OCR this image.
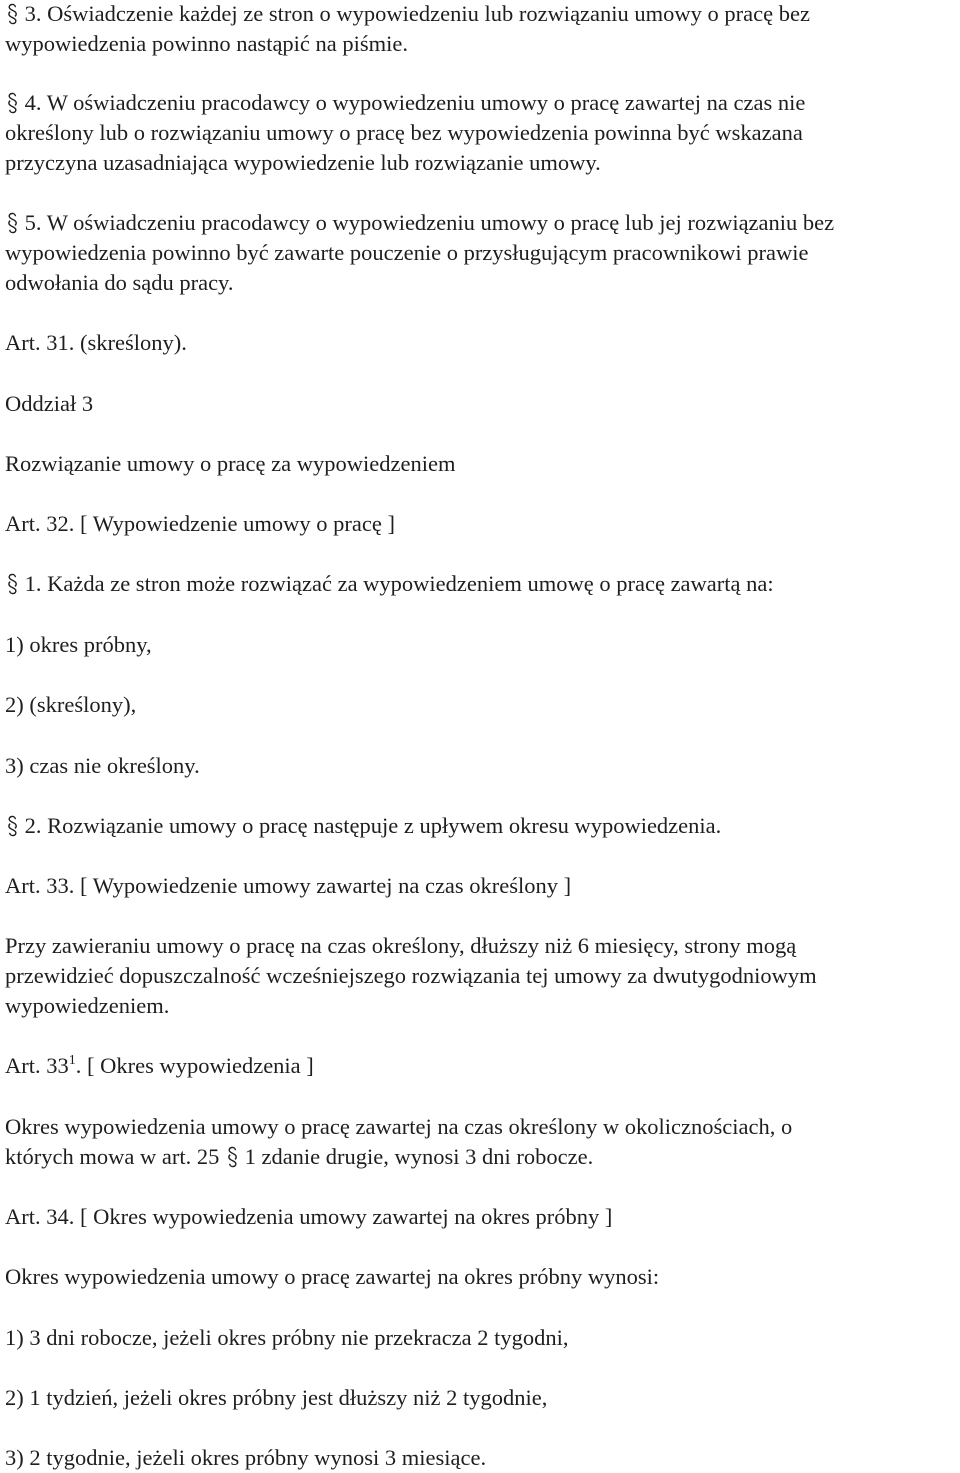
3. Oświadczenie każdej ze stron o wypowiedzeniu lub rozwiązaniu umowy o pracę bez
wypowiedzenia powinno nastąpić na piśmie.
4. W oświadczeniu pracodawcy o wypowiedzeniu umowy o pracę zawartej na czas nie
określony lub o rozwiązaniu umowy o pracę bez wypowiedzenia powinna być wskazana
przyczyna uzasadniająca wypowiedzenie lub rozwiązanie umowy.
5. W oświadczeniu pracodawcy o wypowiedzeniu umowy o pracę lub jej rozwiązaniu bez
wypowiedzenia powinno być zawarte pouczenie o przysługującym pracownikowi prawie
odwołania do sądu pracy.
Art. 31. (skreślony).
Oddział 3
Rozwiązanie umowy o pracę za wypowiedzeniem
Art. 32. [ Wypowiedzenie umowy o pracę ]
1. Każda ze stron może rozwiązać za wypowiedzeniem umowę o pracę zawartą na:
1) okres próbny,
2) (skreślony),
3) czas nie określony.
2. Rozwiązanie umowy o pracę następuje z upływem okresu wypowiedzenia.
Art. 33. [ Wypowiedzenie umowy zawartej na czas określony ]
Przy zawieraniu umowy o pracę na czas określony, dłuższy niż 6 miesięcy, strony mogą
przewidzieć dopuszczalność wcześniejszego rozwiązania tej umowy za dwutygodniowym
wypowiedzeniem.
Art. $33^1$. [ Okres wypowiedzenia ]
Okres wypowiedzenia umowy o pracę zawartej na czas określony w okolicznościach, o
których mowa w art. 25 1 zdanie drugie, wynosi 3 dni robocze.
Art. 34. [ Okres wypowiedzenia umowy zawartej na okres próbny ]
Okres wypowiedzenia umowy o pracę zawartej na okres próbny wynosi:
1) 3 dni robocze, jeżeli okres próbny nie przekracza 2 tygodni,
2) 1 tydzień, jeżeli okres próbny jest dłuższy niż 2 tygodnie,
3) 2 tygodnie, jeżeli okres próbny wynosi 3 miesiące.
